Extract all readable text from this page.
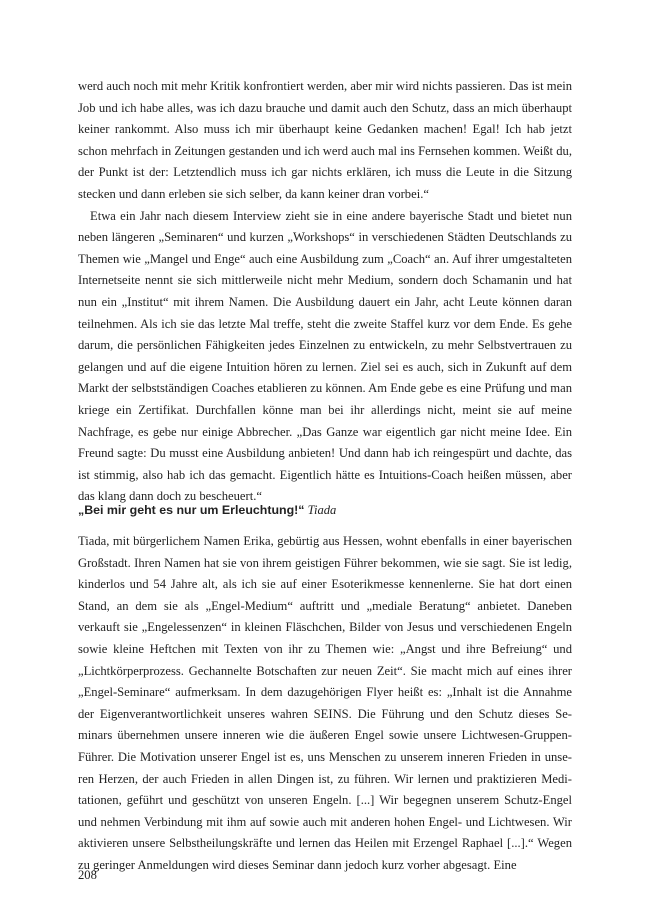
werd auch noch mit mehr Kritik konfrontiert werden, aber mir wird nichts passieren. Das ist mein Job und ich habe alles, was ich dazu brauche und damit auch den Schutz, dass an mich überhaupt keiner rankommt. Also muss ich mir überhaupt keine Gedanken machen! Egal! Ich hab jetzt schon mehrfach in Zeitungen gestanden und ich werd auch mal ins Fernsehen kommen. Weißt du, der Punkt ist der: Letztendlich muss ich gar nichts erklären, ich muss die Leute in die Sitzung stecken und dann erleben sie sich selber, da kann keiner dran vorbei.“

Etwa ein Jahr nach diesem Interview zieht sie in eine andere bayerische Stadt und bietet nun neben längeren „Seminaren“ und kurzen „Workshops“ in verschiedenen Städten Deutschlands zu Themen wie „Mangel und Enge“ auch eine Ausbildung zum „Coach“ an. Auf ihrer umgestalteten Internetseite nennt sie sich mittlerweile nicht mehr Medium, sondern doch Schamanin und hat nun ein „Institut“ mit ihrem Namen. Die Ausbildung dauert ein Jahr, acht Leute können daran teilnehmen. Als ich sie das letzte Mal treffe, steht die zweite Staffel kurz vor dem Ende. Es gehe darum, die persönlichen Fähigkeiten jedes Einzelnen zu entwickeln, zu mehr Selbstvertrauen zu gelangen und auf die eigene Intuition hören zu lernen. Ziel sei es auch, sich in Zukunft auf dem Markt der selbstständigen Coaches etablieren zu können. Am Ende gebe es eine Prüfung und man kriege ein Zertifikat. Durchfallen könne man bei ihr allerdings nicht, meint sie auf meine Nachfrage, es gebe nur einige Abbrecher. „Das Ganze war eigentlich gar nicht meine Idee. Ein Freund sagte: Du musst eine Ausbildung anbieten! Und dann hab ich reingespürt und dachte, das ist stimmig, also hab ich das gemacht. Eigentlich hätte es Intuitions-Coach heißen müssen, aber das klang dann doch zu bescheuert.“

„Bei mir geht es nur um Erleuchtung!“ Tiada

Tiada, mit bürgerlichem Namen Erika, gebürtig aus Hessen, wohnt ebenfalls in einer bayerischen Großstadt. Ihren Namen hat sie von ihrem geistigen Führer bekommen, wie sie sagt. Sie ist ledig, kinderlos und 54 Jahre alt, als ich sie auf einer Esoterikmesse kennenlerne. Sie hat dort einen Stand, an dem sie als „Engel-Medium“ auftritt und „mediale Beratung“ anbietet. Daneben verkauft sie „Engelessenzen“ in kleinen Fläschchen, Bilder von Jesus und verschiedenen Engeln sowie kleine Heftchen mit Texten von ihr zu Themen wie: „Angst und ihre Befreiung“ und „Lichtkörperprozess. Gechannelte Botschaften zur neuen Zeit“. Sie macht mich auf eines ihrer „Engel-Seminare“ aufmerksam. In dem dazugehörigen Flyer heißt es: „Inhalt ist die Annahme der Eigenverantwortlichkeit unseres wahren SEINS. Die Führung und den Schutz dieses Seminars übernehmen unsere inneren wie die äußeren Engel sowie unsere Lichtwesen-Gruppen-Führer. Die Motivation unserer Engel ist es, uns Menschen zu unserem inneren Frieden in unseren Herzen, der auch Frieden in allen Dingen ist, zu führen. Wir lernen und praktizieren Meditationen, geführt und geschützt von unseren Engeln. [...] Wir begegnen unserem Schutz-Engel und nehmen Verbindung mit ihm auf sowie auch mit anderen hohen Engel- und Lichtwesen. Wir aktivieren unsere Selbstheilungskräfte und lernen das Heilen mit Erzengel Raphael [...].“ Wegen zu geringer Anmeldungen wird dieses Seminar dann jedoch kurz vorher abgesagt. Eine

208
